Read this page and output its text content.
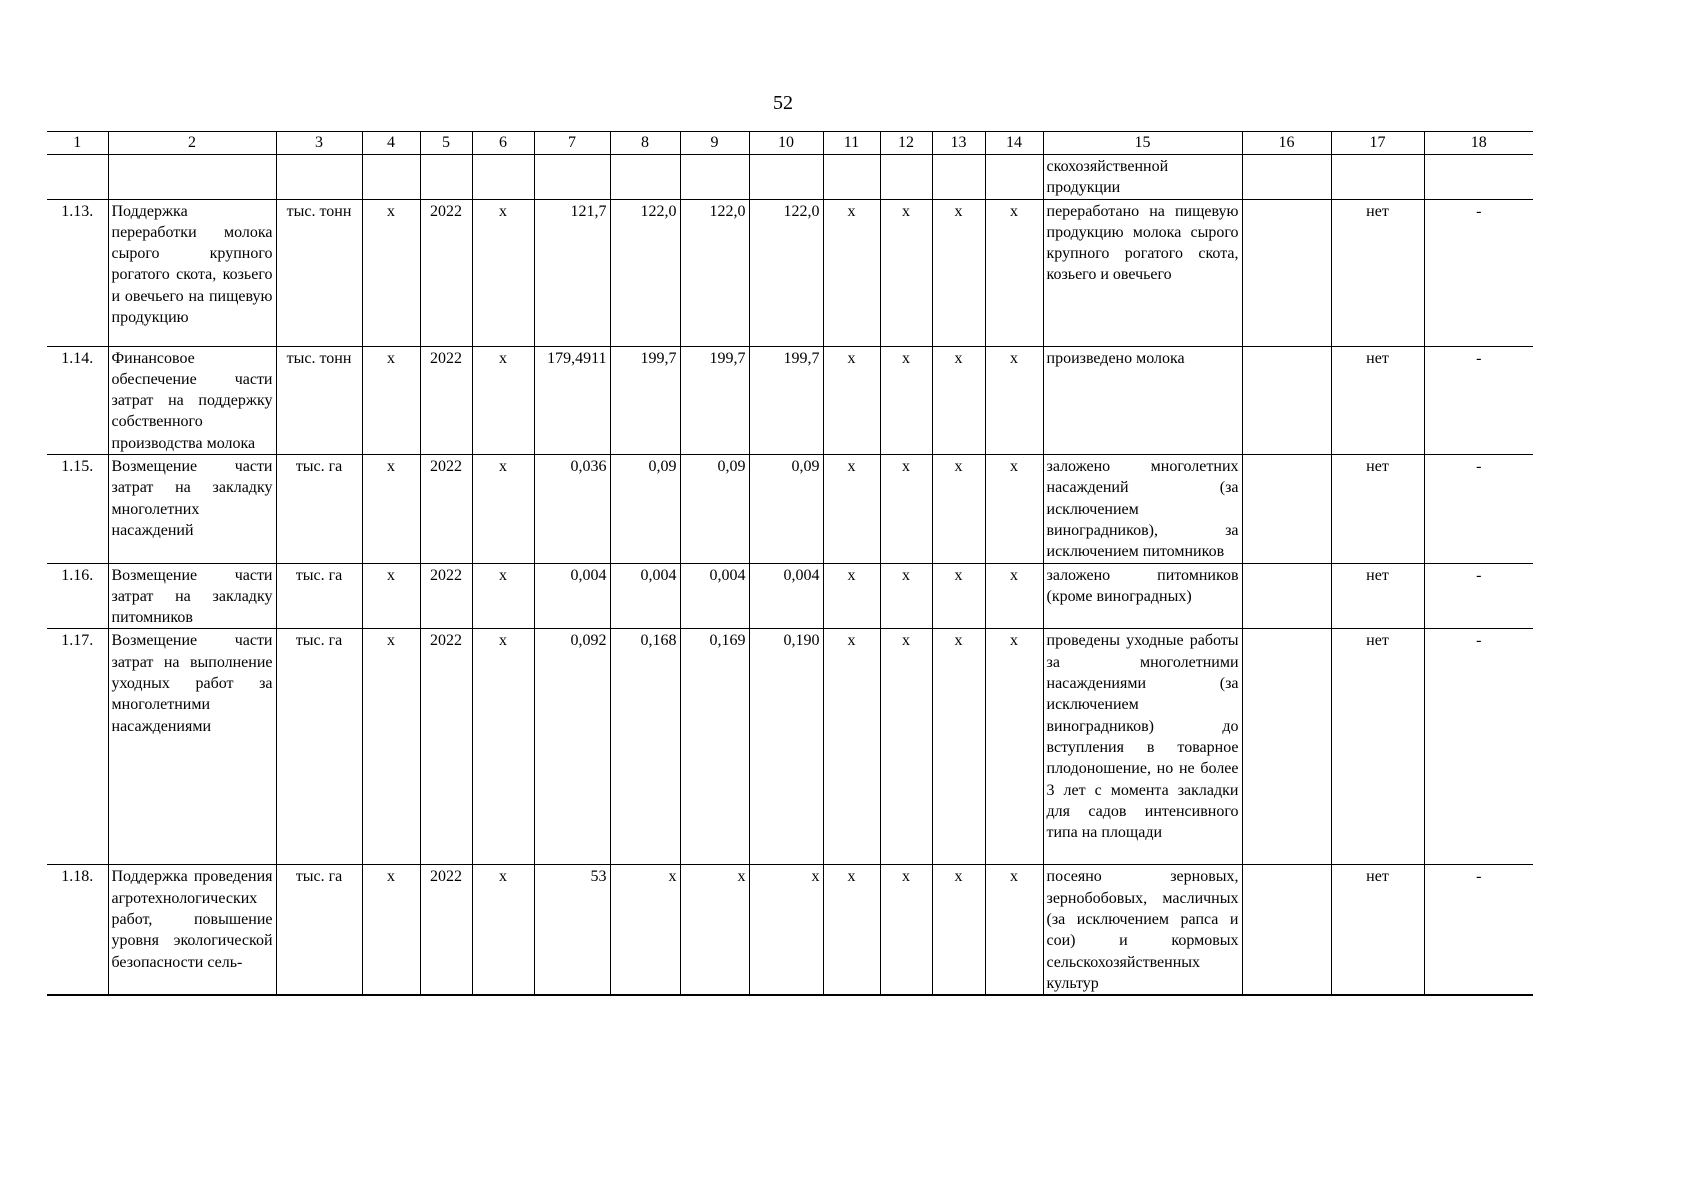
52
1	2	3	4	5	6	7	8	9	10	11	12	13	14	15	16	17	18
														скохозяйственной продукции			
1.13.	Поддержка переработки молока сырого крупного рогатого скота, козьего и овечьего на пищевую продукцию	тыс. тонн	х	2022	х	121,7	122,0	122,0	122,0	х	х	х	х	переработано на пищевую продукцию молока сырого крупного рогатого скота, козьего и овечьего		нет	-
1.14.	Финансовое обеспечение части затрат на поддержку собственного производства молока	тыс. тонн	х	2022	х	179,4911	199,7	199,7	199,7	х	х	х	х	произведено молока		нет	-
1.15.	Возмещение части затрат на закладку многолетних насаждений	тыс. га	х	2022	х	0,036	0,09	0,09	0,09	х	х	х	х	заложено многолетних насаждений (за исключением виноградников), за исключением питомников		нет	-
1.16.	Возмещение части затрат на закладку питомников	тыс. га	х	2022	х	0,004	0,004	0,004	0,004	х	х	х	х	заложено питомников (кроме виноградных)		нет	-
1.17.	Возмещение части затрат на выполнение уходных работ за многолетними насаждениями	тыс. га	х	2022	х	0,092	0,168	0,169	0,190	х	х	х	х	проведены уходные работы за многолетними насаждениями (за исключением виноградников) до вступления в товарное плодоношение, но не более 3 лет с момента закладки для садов интенсивного типа на площади		нет	-
1.18.	Поддержка проведения агротехнологических работ, повышение уровня экологической безопасности сель-	тыс. га	х	2022	х	53	х	х	х	х	х	х	х	посеяно зерновых, зернобобовых, масличных (за исключением рапса и сои) и кормовых сельскохозяйственных культур		нет	-
